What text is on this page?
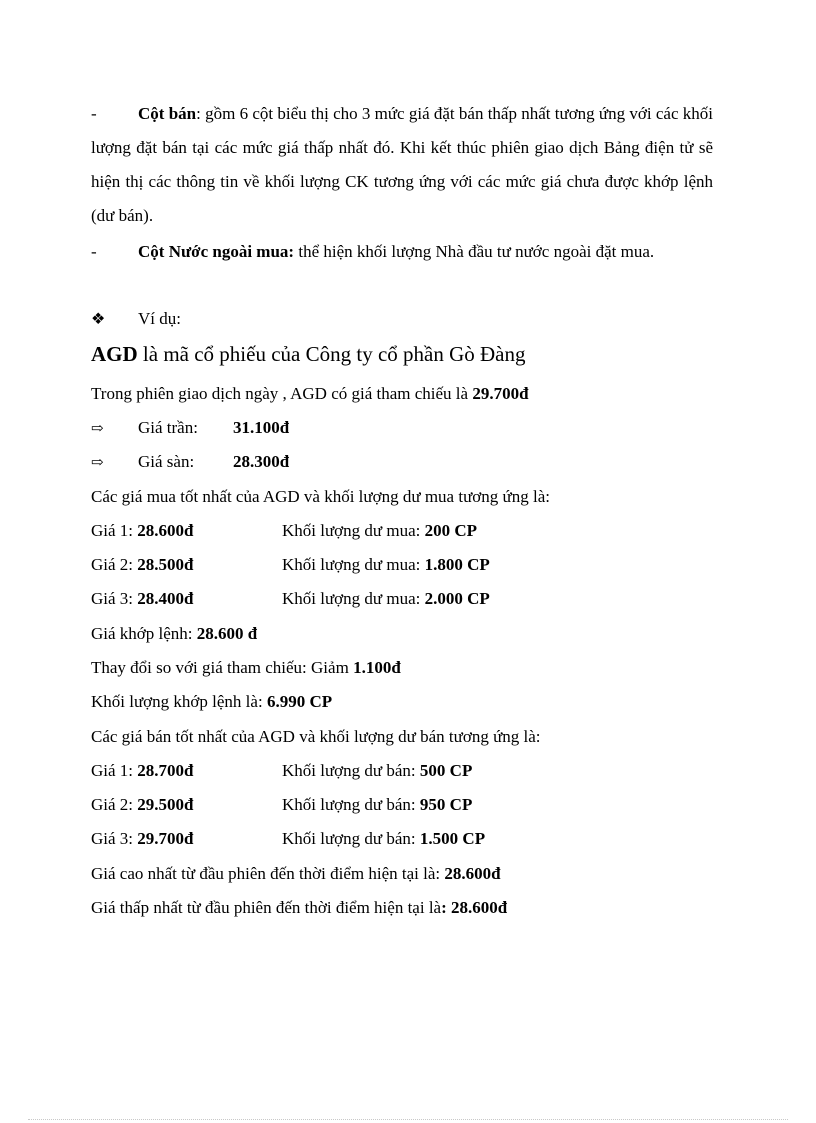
- Cột bán: gồm 6 cột biểu thị cho 3 mức giá đặt bán thấp nhất tương ứng với các khối lượng đặt bán tại các mức giá thấp nhất đó. Khi kết thúc phiên giao dịch Bảng điện tử sẽ hiện thị các thông tin về khối lượng CK tương ứng với các mức giá chưa được khớp lệnh (dư bán).
- Cột Nước ngoài mua: thể hiện khối lượng Nhà đầu tư nước ngoài đặt mua.
❖ Ví dụ:
AGD là mã cổ phiếu của Công ty cổ phần Gò Đàng
Trong phiên giao dịch ngày , AGD có giá tham chiếu là 29.700đ
⇨ Giá trần: 31.100đ
⇨ Giá sàn: 28.300đ
Các giá mua tốt nhất của AGD và khối lượng dư mua tương ứng là:
Giá 1: 28.600đ	Khối lượng dư mua: 200 CP
Giá 2: 28.500đ	Khối lượng dư mua: 1.800 CP
Giá 3: 28.400đ	Khối lượng dư mua: 2.000 CP
Giá khớp lệnh: 28.600 đ
Thay đổi so với giá tham chiếu: Giảm 1.100đ
Khối lượng khớp lệnh là: 6.990 CP
Các giá bán tốt nhất của AGD và khối lượng dư bán tương ứng là:
Giá 1: 28.700đ	Khối lượng dư bán: 500 CP
Giá 2: 29.500đ	Khối lượng dư bán: 950 CP
Giá 3: 29.700đ	Khối lượng dư bán: 1.500 CP
Giá cao nhất từ đầu phiên đến thời điểm hiện tại là: 28.600đ
Giá thấp nhất từ đầu phiên đến thời điểm hiện tại là: 28.600đ
